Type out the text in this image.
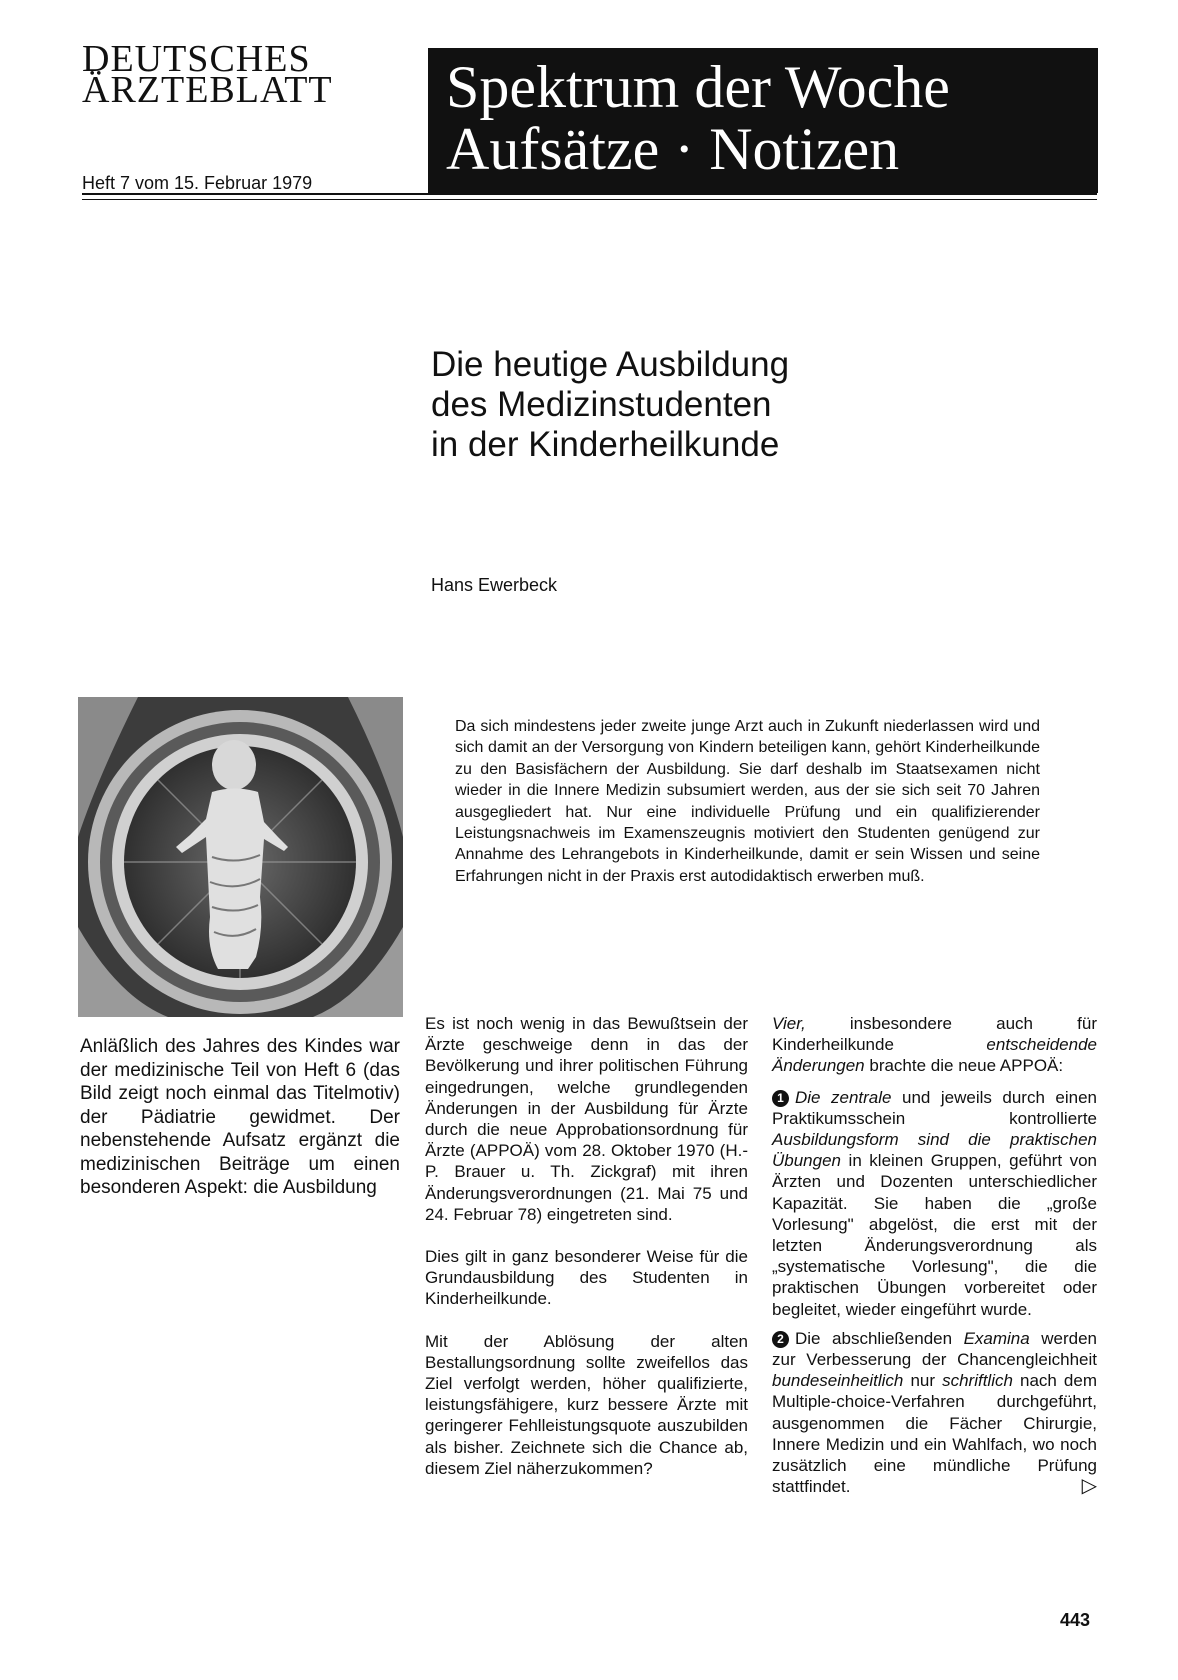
DEUTSCHES
ÄRZTEBLATT
Heft 7 vom 15. Februar 1979
Spektrum der Woche
Aufsätze · Notizen
Die heutige Ausbildung
des Medizinstudenten
in der Kinderheilkunde
Hans Ewerbeck
Da sich mindestens jeder zweite junge Arzt auch in Zukunft niederlassen wird und sich damit an der Versorgung von Kindern beteiligen kann, gehört Kinderheilkunde zu den Basisfächern der Ausbildung. Sie darf deshalb im Staatsexamen nicht wieder in die Innere Medizin subsumiert werden, aus der sie sich seit 70 Jahren ausgegliedert hat. Nur eine individuelle Prüfung und ein qualifizierender Leistungsnachweis im Examenszeugnis motiviert den Studenten genügend zur Annahme des Lehrangebots in Kinderheilkunde, damit er sein Wissen und seine Erfahrungen nicht in der Praxis erst autodidaktisch erwerben muß.
Anläßlich des Jahres des Kindes war der medizinische Teil von Heft 6 (das Bild zeigt noch einmal das Titelmotiv) der Pädiatrie gewidmet. Der nebenstehende Aufsatz ergänzt die medizinischen Beiträge um einen besonderen Aspekt: die Ausbildung

Es ist noch wenig in das Bewußtsein der Ärzte geschweige denn in das der Bevölkerung und ihrer politischen Führung eingedrungen, welche grundlegenden Änderungen in der Ausbildung für Ärzte durch die neue Approbationsordnung für Ärzte (APPOÄ) vom 28. Oktober 1970 (H.-P. Brauer u. Th. Zickgraf) mit ihren Änderungsverordnungen (21. Mai 75 und 24. Februar 78) eingetreten sind.

Dies gilt in ganz besonderer Weise für die Grundausbildung des Studenten in Kinderheilkunde.

Mit der Ablösung der alten Bestallungsordnung sollte zweifellos das Ziel verfolgt werden, höher qualifizierte, leistungsfähigere, kurz bessere Ärzte mit geringerer Fehlleistungsquote auszubilden als bisher. Zeichnete sich die Chance ab, diesem Ziel näherzukommen?

Vier, insbesondere auch für Kinderheilkunde entscheidende Änderungen brachte die neue APPOÄ:

1 Die zentrale und jeweils durch einen Praktikumsschein kontrollierte Ausbildungsform sind die praktischen Übungen in kleinen Gruppen, geführt von Ärzten und Dozenten unterschiedlicher Kapazität. Sie haben die „große Vorlesung" abgelöst, die erst mit der letzten Änderungsverordnung als „systematische Vorlesung", die die praktischen Übungen vorbereitet oder begleitet, wieder eingeführt wurde.

2 Die abschließenden Examina werden zur Verbesserung der Chancengleichheit bundeseinheitlich nur schriftlich nach dem Multiple-choice-Verfahren durchgeführt, ausgenommen die Fächer Chirurgie, Innere Medizin und ein Wahlfach, wo noch zusätzlich eine mündliche Prüfung stattfindet.	▷

443
